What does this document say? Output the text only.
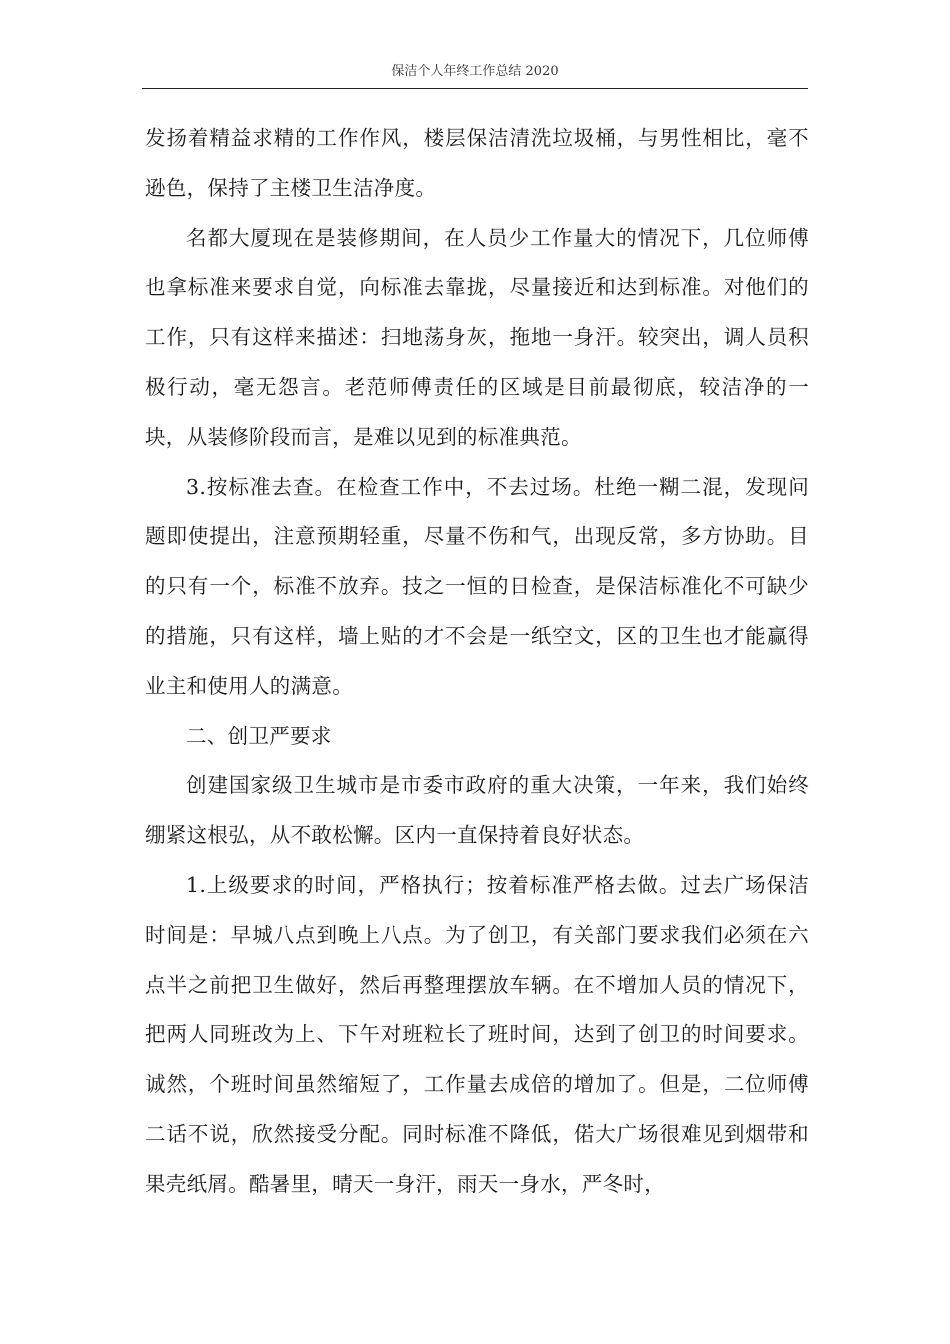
保洁个人年终工作总结 2020

发扬着精益求精的工作作风，楼层保洁清洗垃圾桶，与男性相比，毫不逊色，保持了主楼卫生洁净度。

名都大厦现在是装修期间，在人员少工作量大的情况下，几位师傅也拿标准来要求自觉，向标准去靠拢，尽量接近和达到标准。对他们的工作，只有这样来描述：扫地荡身灰，拖地一身汗。较突出，调人员积极行动，毫无怨言。老范师傅责任的区域是目前最彻底，较洁净的一块，从装修阶段而言，是难以见到的标准典范。

3.按标准去查。在检查工作中，不去过场。杜绝一糊二混，发现问题即使提出，注意预期轻重，尽量不伤和气，出现反常，多方协助。目的只有一个，标准不放弃。技之一恒的日检查，是保洁标准化不可缺少的措施，只有这样，墙上贴的才不会是一纸空文，区的卫生也才能赢得业主和使用人的满意。

二、创卫严要求

创建国家级卫生城市是市委市政府的重大决策，一年来，我们始终绷紧这根弘，从不敢松懈。区内一直保持着良好状态。

1.上级要求的时间，严格执行；按着标准严格去做。过去广场保洁时间是：早城八点到晚上八点。为了创卫，有关部门要求我们必须在六点半之前把卫生做好，然后再整理摆放车辆。在不增加人员的情况下，把两人同班改为上、下午对班粒长了班时间，达到了创卫的时间要求。诚然，个班时间虽然缩短了，工作量去成倍的增加了。但是，二位师傅二话不说，欣然接受分配。同时标准不降低，偌大广场很难见到烟带和果壳纸屑。酷暑里，晴天一身汗，雨天一身水，严冬时，
